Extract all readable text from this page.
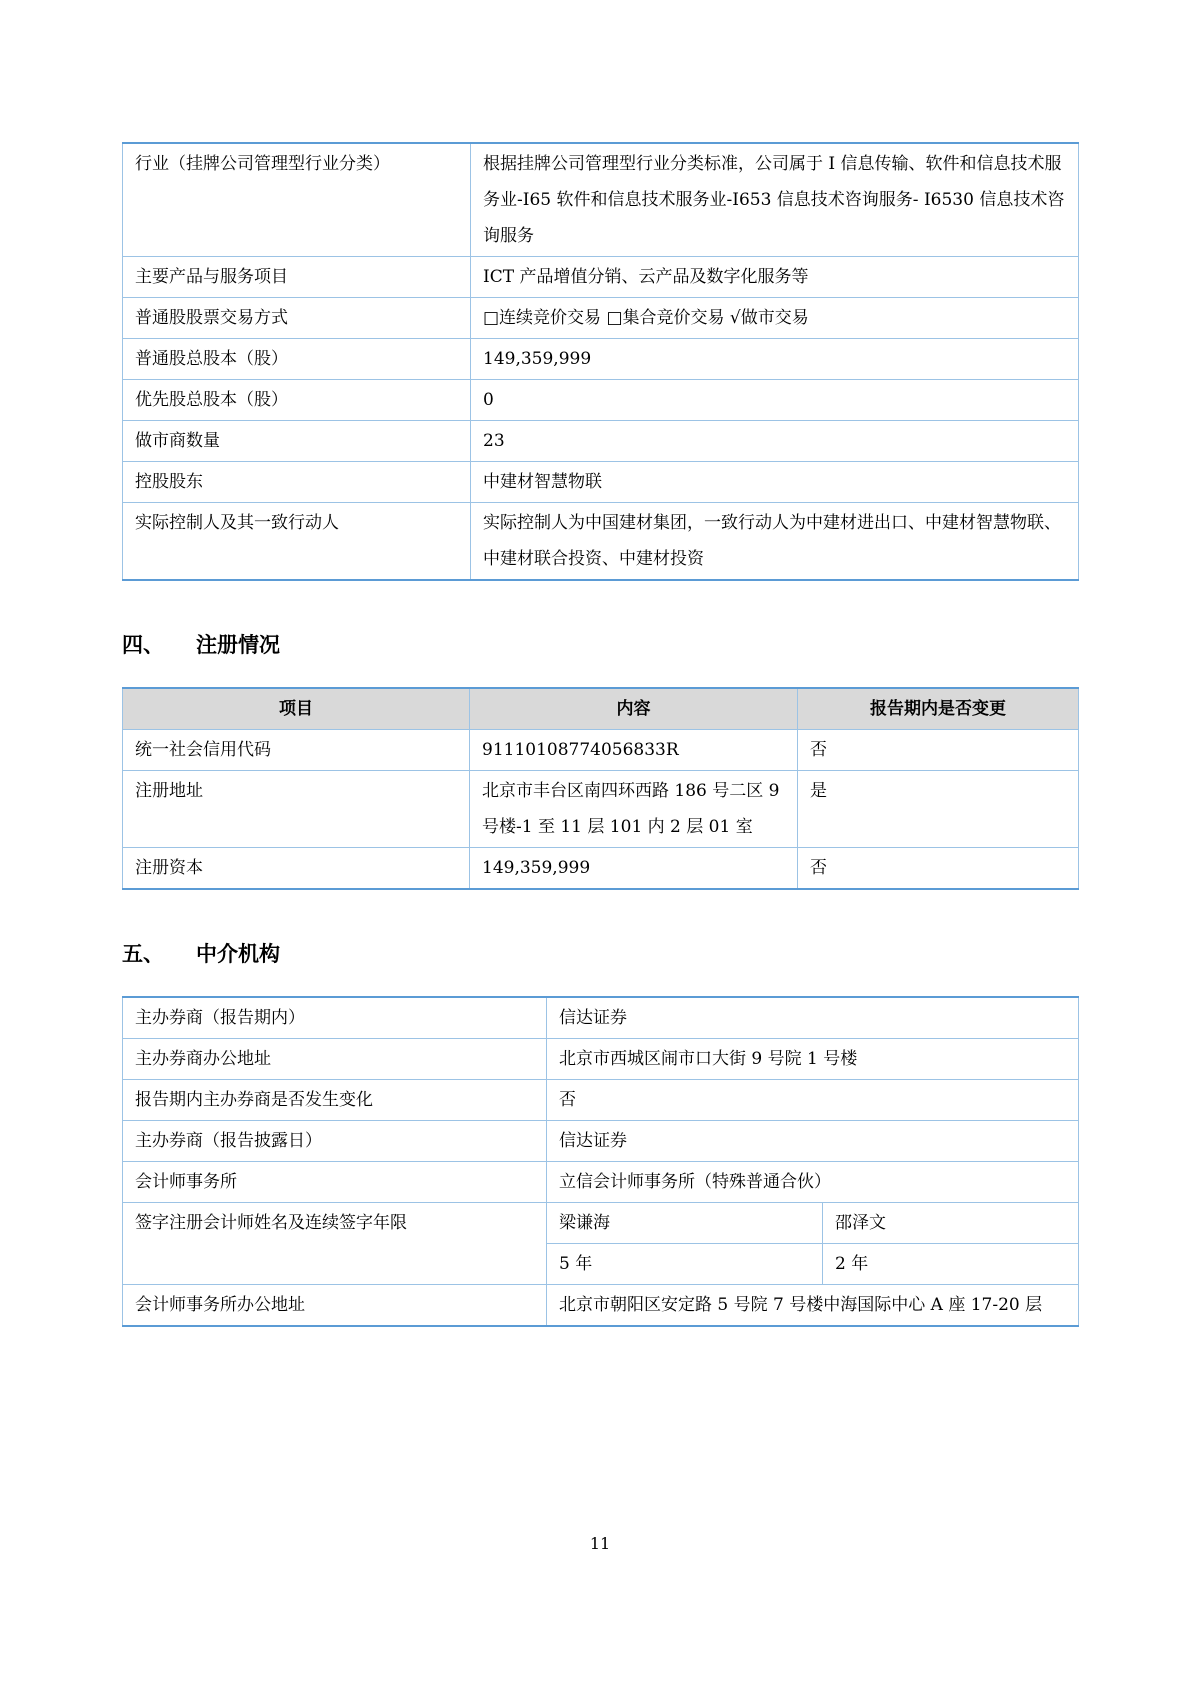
行业（挂牌公司管理型行业分类）	根据挂牌公司管理型行业分类标准，公司属于 I 信息传输、软件和信息技术服务业-I65 软件和信息技术服务业-I653 信息技术咨询服务- I6530 信息技术咨询服务
主要产品与服务项目	ICT 产品增值分销、云产品及数字化服务等
普通股股票交易方式	□连续竞价交易 □集合竞价交易 √做市交易
普通股总股本（股）	149,359,999
优先股总股本（股）	0
做市商数量	23
控股股东	中建材智慧物联
实际控制人及其一致行动人	实际控制人为中国建材集团，一致行动人为中建材进出口、中建材智慧物联、中建材联合投资、中建材投资
四、 注册情况
项目	内容	报告期内是否变更
统一社会信用代码	91110108774056833R	否
注册地址	北京市丰台区南四环西路 186 号二区 9 号楼-1 至 11 层 101 内 2 层 01 室	是
注册资本	149,359,999	否
五、 中介机构
主办券商（报告期内）	信达证券	
主办券商办公地址	北京市西城区闹市口大街 9 号院 1 号楼	
报告期内主办券商是否发生变化	否	
主办券商（报告披露日）	信达证券	
会计师事务所	立信会计师事务所（特殊普通合伙）	
签字注册会计师姓名及连续签字年限	梁谦海	邵泽文
	5 年	2 年
会计师事务所办公地址	北京市朝阳区安定路 5 号院 7 号楼中海国际中心 A 座 17-20 层	
11
